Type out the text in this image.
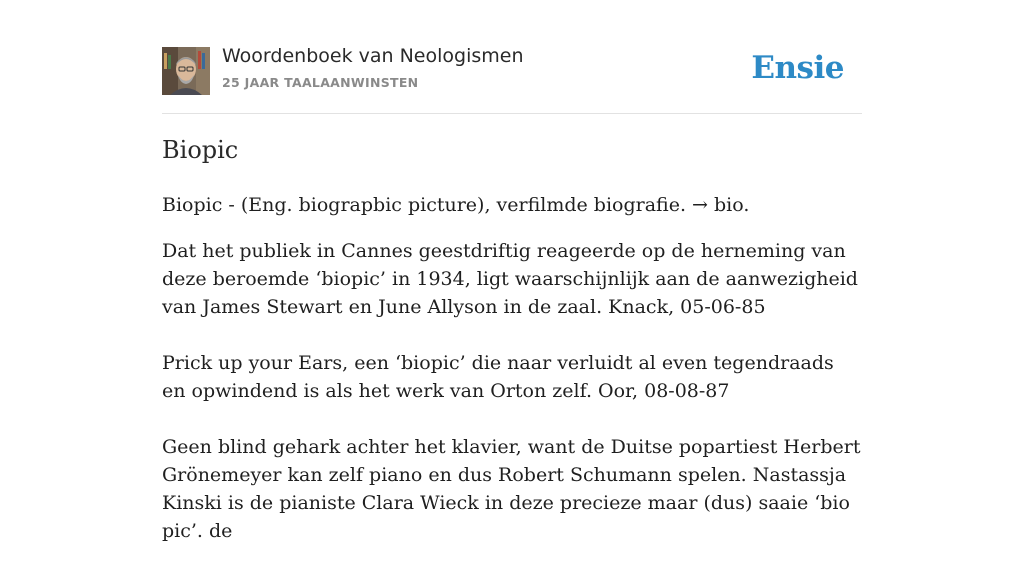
Woordenboek van Neologismen
25 JAAR TAALAANWINSTEN	Ensie
Biopic

Biopic - (Eng. biograpbic picture), verfilmde biografie. → bio.

Dat het publiek in Cannes geestdriftig reageerde op de herneming van deze beroemde ‘biopic’ in 1934, ligt waarschijnlijk aan de aanwezigheid van James Stewart en June Allyson in de zaal. Knack, 05-06-85

Prick up your Ears, een ‘biopic’ die naar verluidt al even tegendraads en opwindend is als het werk van Orton zelf. Oor, 08-08-87

Geen blind gehark achter het klavier, want de Duitse popartiest Herbert Grönemeyer kan zelf piano en dus Robert Schumann spelen. Nastassja Kinski is de pianiste Clara Wieck in deze precieze maar (dus) saaie ‘bio pic’. de
